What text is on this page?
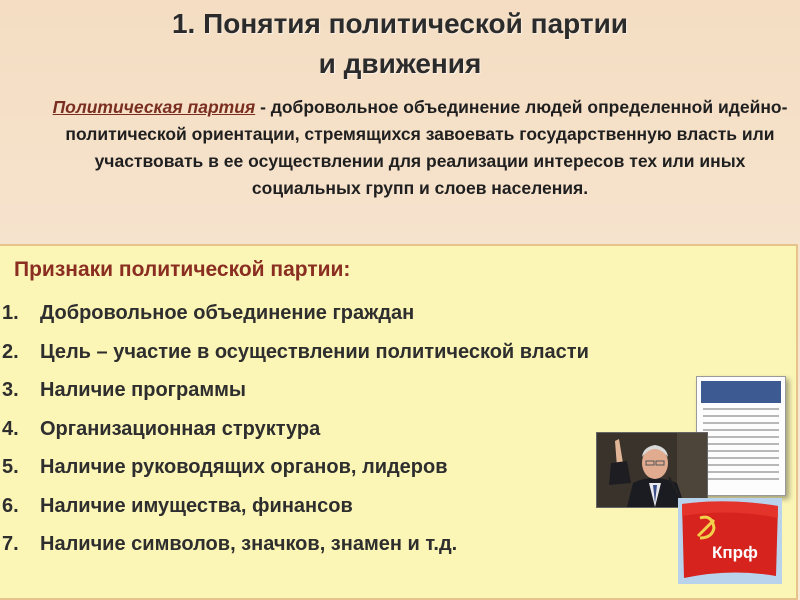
1. Понятия политической партии
и движения
Политическая партия - добровольное объединение людей определенной идейно-политической ориентации, стремящихся завоевать государственную власть или участвовать в ее осуществлении для реализации интересов тех или иных социальных групп и слоев населения.
Признаки политической партии:
1. Добровольное объединение граждан
2. Цель – участие в осуществлении политической власти
3. Наличие программы
4. Организационная структура
5. Наличие руководящих органов, лидеров
6. Наличие имущества, финансов
7. Наличие символов, значков, знамен и т.д.	Кпрф
